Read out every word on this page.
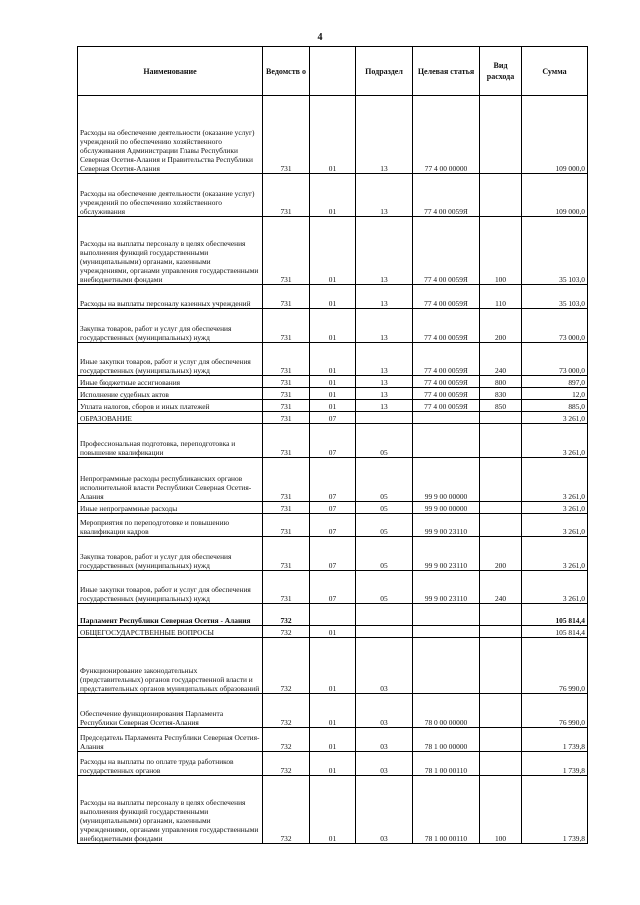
4
Наименование	Ведомств о		Подраздел	Целевая статья	Вид расхода	Сумма
Расходы на обеспечение деятельности (оказание услуг) учреждений по обеспечению хозяйственного обслуживания Администрации Главы Республики Северная Осетия-Алания и Правительства Республики Северная Осетия-Алания	731	01	13	77 4 00 00000		109 000,0
Расходы на обеспечение деятельности (оказание услуг) учреждений по обеспечению хозяйственного обслуживания	731	01	13	77 4 00 0059Я		109 000,0
Расходы на выплаты персоналу в целях обеспечения выполнения функций государственными (муниципальными) органами, казенными учреждениями, органами управления государственными внебюджетными фондами	731	01	13	77 4 00 0059Я	100	35 103,0
Расходы на выплаты персоналу казенных учреждений	731	01	13	77 4 00 0059Я	110	35 103,0
Закупка товаров, работ и услуг для обеспечения государственных (муниципальных) нужд	731	01	13	77 4 00 0059Я	200	73 000,0
Иные закупки товаров, работ и услуг для обеспечения государственных (муниципальных) нужд	731	01	13	77 4 00 0059Я	240	73 000,0
Иные бюджетные ассигнования	731	01	13	77 4 00 0059Я	800	897,0
Исполнение судебных актов	731	01	13	77 4 00 0059Я	830	12,0
Уплата налогов, сборов и иных платежей	731	01	13	77 4 00 0059Я	850	885,0
ОБРАЗОВАНИЕ	731	07				3 261,0
Профессиональная подготовка, переподготовка и повышение квалификации	731	07	05			3 261,0
Непрограммные расходы республиканских органов исполнительной власти Республики Северная Осетия-Алания	731	07	05	99 9 00 00000		3 261,0
Иные непрограммные расходы	731	07	05	99 9 00 00000		3 261,0
Мероприятия по переподготовке и повышению квалификации кадров	731	07	05	99 9 00 23110		3 261,0
Закупка товаров, работ и услуг для обеспечения государственных (муниципальных) нужд	731	07	05	99 9 00 23110	200	3 261,0
Иные закупки товаров, работ и услуг для обеспечения государственных (муниципальных) нужд	731	07	05	99 9 00 23110	240	3 261,0
Парламент Республики Северная Осетия - Алания	732					105 814,4
ОБЩЕГОСУДАРСТВЕННЫЕ ВОПРОСЫ	732	01				105 814,4
Функционирование законодательных (представительных) органов государственной власти и представительных органов муниципальных образований	732	01	03			76 990,0
Обеспечение функционирования Парламента Республики Северная Осетия-Алания	732	01	03	78 0 00 00000		76 990,0
Председатель Парламента Республики Северная Осетия-Алания	732	01	03	78 1 00 00000		1 739,8
Расходы на выплаты по оплате труда работников государственных органов	732	01	03	78 1 00 00110		1 739,8
Расходы на выплаты персоналу в целях обеспечения выполнения функций государственными (муниципальными) органами, казенными учреждениями, органами управления государственными внебюджетными фондами	732	01	03	78 1 00 00110	100	1 739,8
